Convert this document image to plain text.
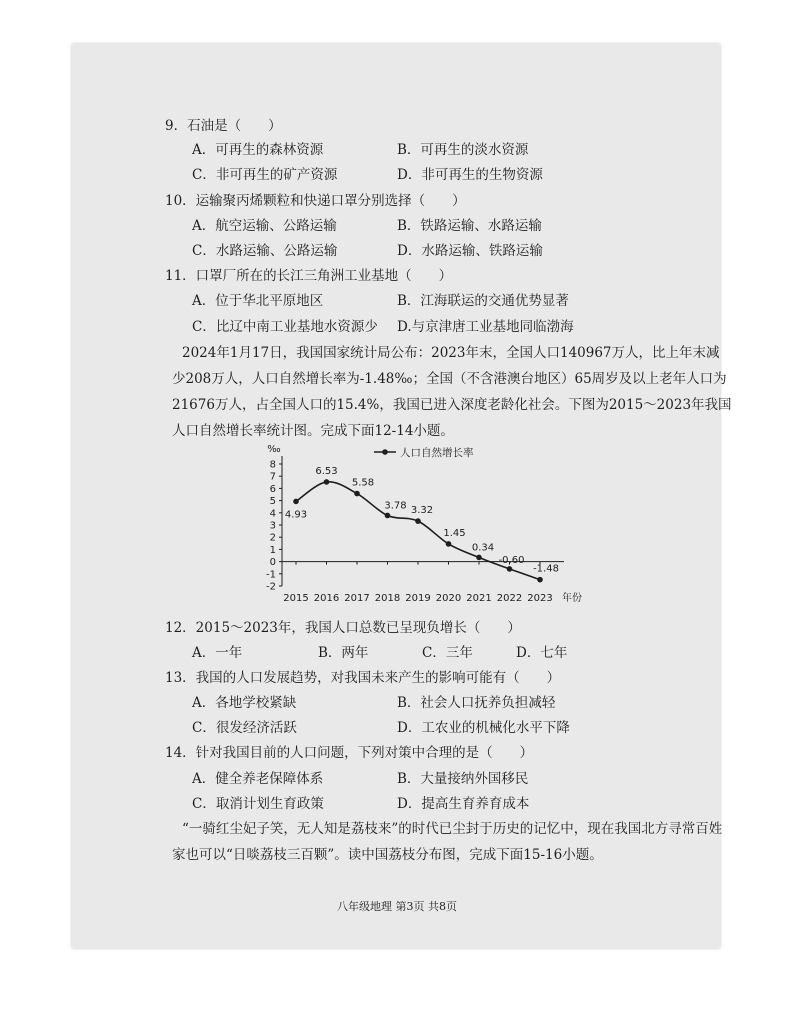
9．石油是（　　）
A．可再生的森林资源	B．可再生的淡水资源
C．非可再生的矿产资源	D．非可再生的生物资源
10．运输聚丙烯颗粒和快递口罩分别选择（　　）
A．航空运输、公路运输	B．铁路运输、水路运输
C．水路运输、公路运输	D．水路运输、铁路运输
11．口罩厂所在的长江三角洲工业基地（　　）
A．位于华北平原地区	B．江海联运的交通优势显著
C．比辽中南工业基地水资源少 D.与京津唐工业基地同临渤海
2024年1月17日，我国国家统计局公布：2023年末，全国人口140967万人，比上年末减少208万人，人口自然增长率为-1.48‰；全国（不含港澳台地区）65周岁及以上老年人口为21676万人，占全国人口的15.4%，我国已进入深度老龄化社会。下图为2015～2023年我国人口自然增长率统计图。完成下面12-14小题。
-2
-1
0
1
2
3
4
5
6
7
8
‰
2015 2016 2017 2018 2019 2020 2021 2022 2023 年份
4.93
6.53
5.58
3.78 3.32
1.45
0.34
-0.60
-1.48
人口自然增长率
12．2015～2023年，我国人口总数已呈现负增长（　　）
A．一年	B．两年	C．三年	D．七年
13．我国的人口发展趋势，对我国未来产生的影响可能有（　　）
A．各地学校紧缺	B．社会人口抚养负担减轻
C．很发经济活跃	D．工农业的机械化水平下降
14．针对我国目前的人口问题，下列对策中合理的是（　　）
A．健全养老保障体系	B．大量接纳外国移民
C．取消计划生育政策	D．提高生育养育成本
“一骑红尘妃子笑，无人知是荔枝来”的时代已尘封于历史的记忆中，现在我国北方寻常百姓家也可以“日啖荔枝三百颗”。读中国荔枝分布图，完成下面15-16小题。
八年级地理 第3页 共8页
